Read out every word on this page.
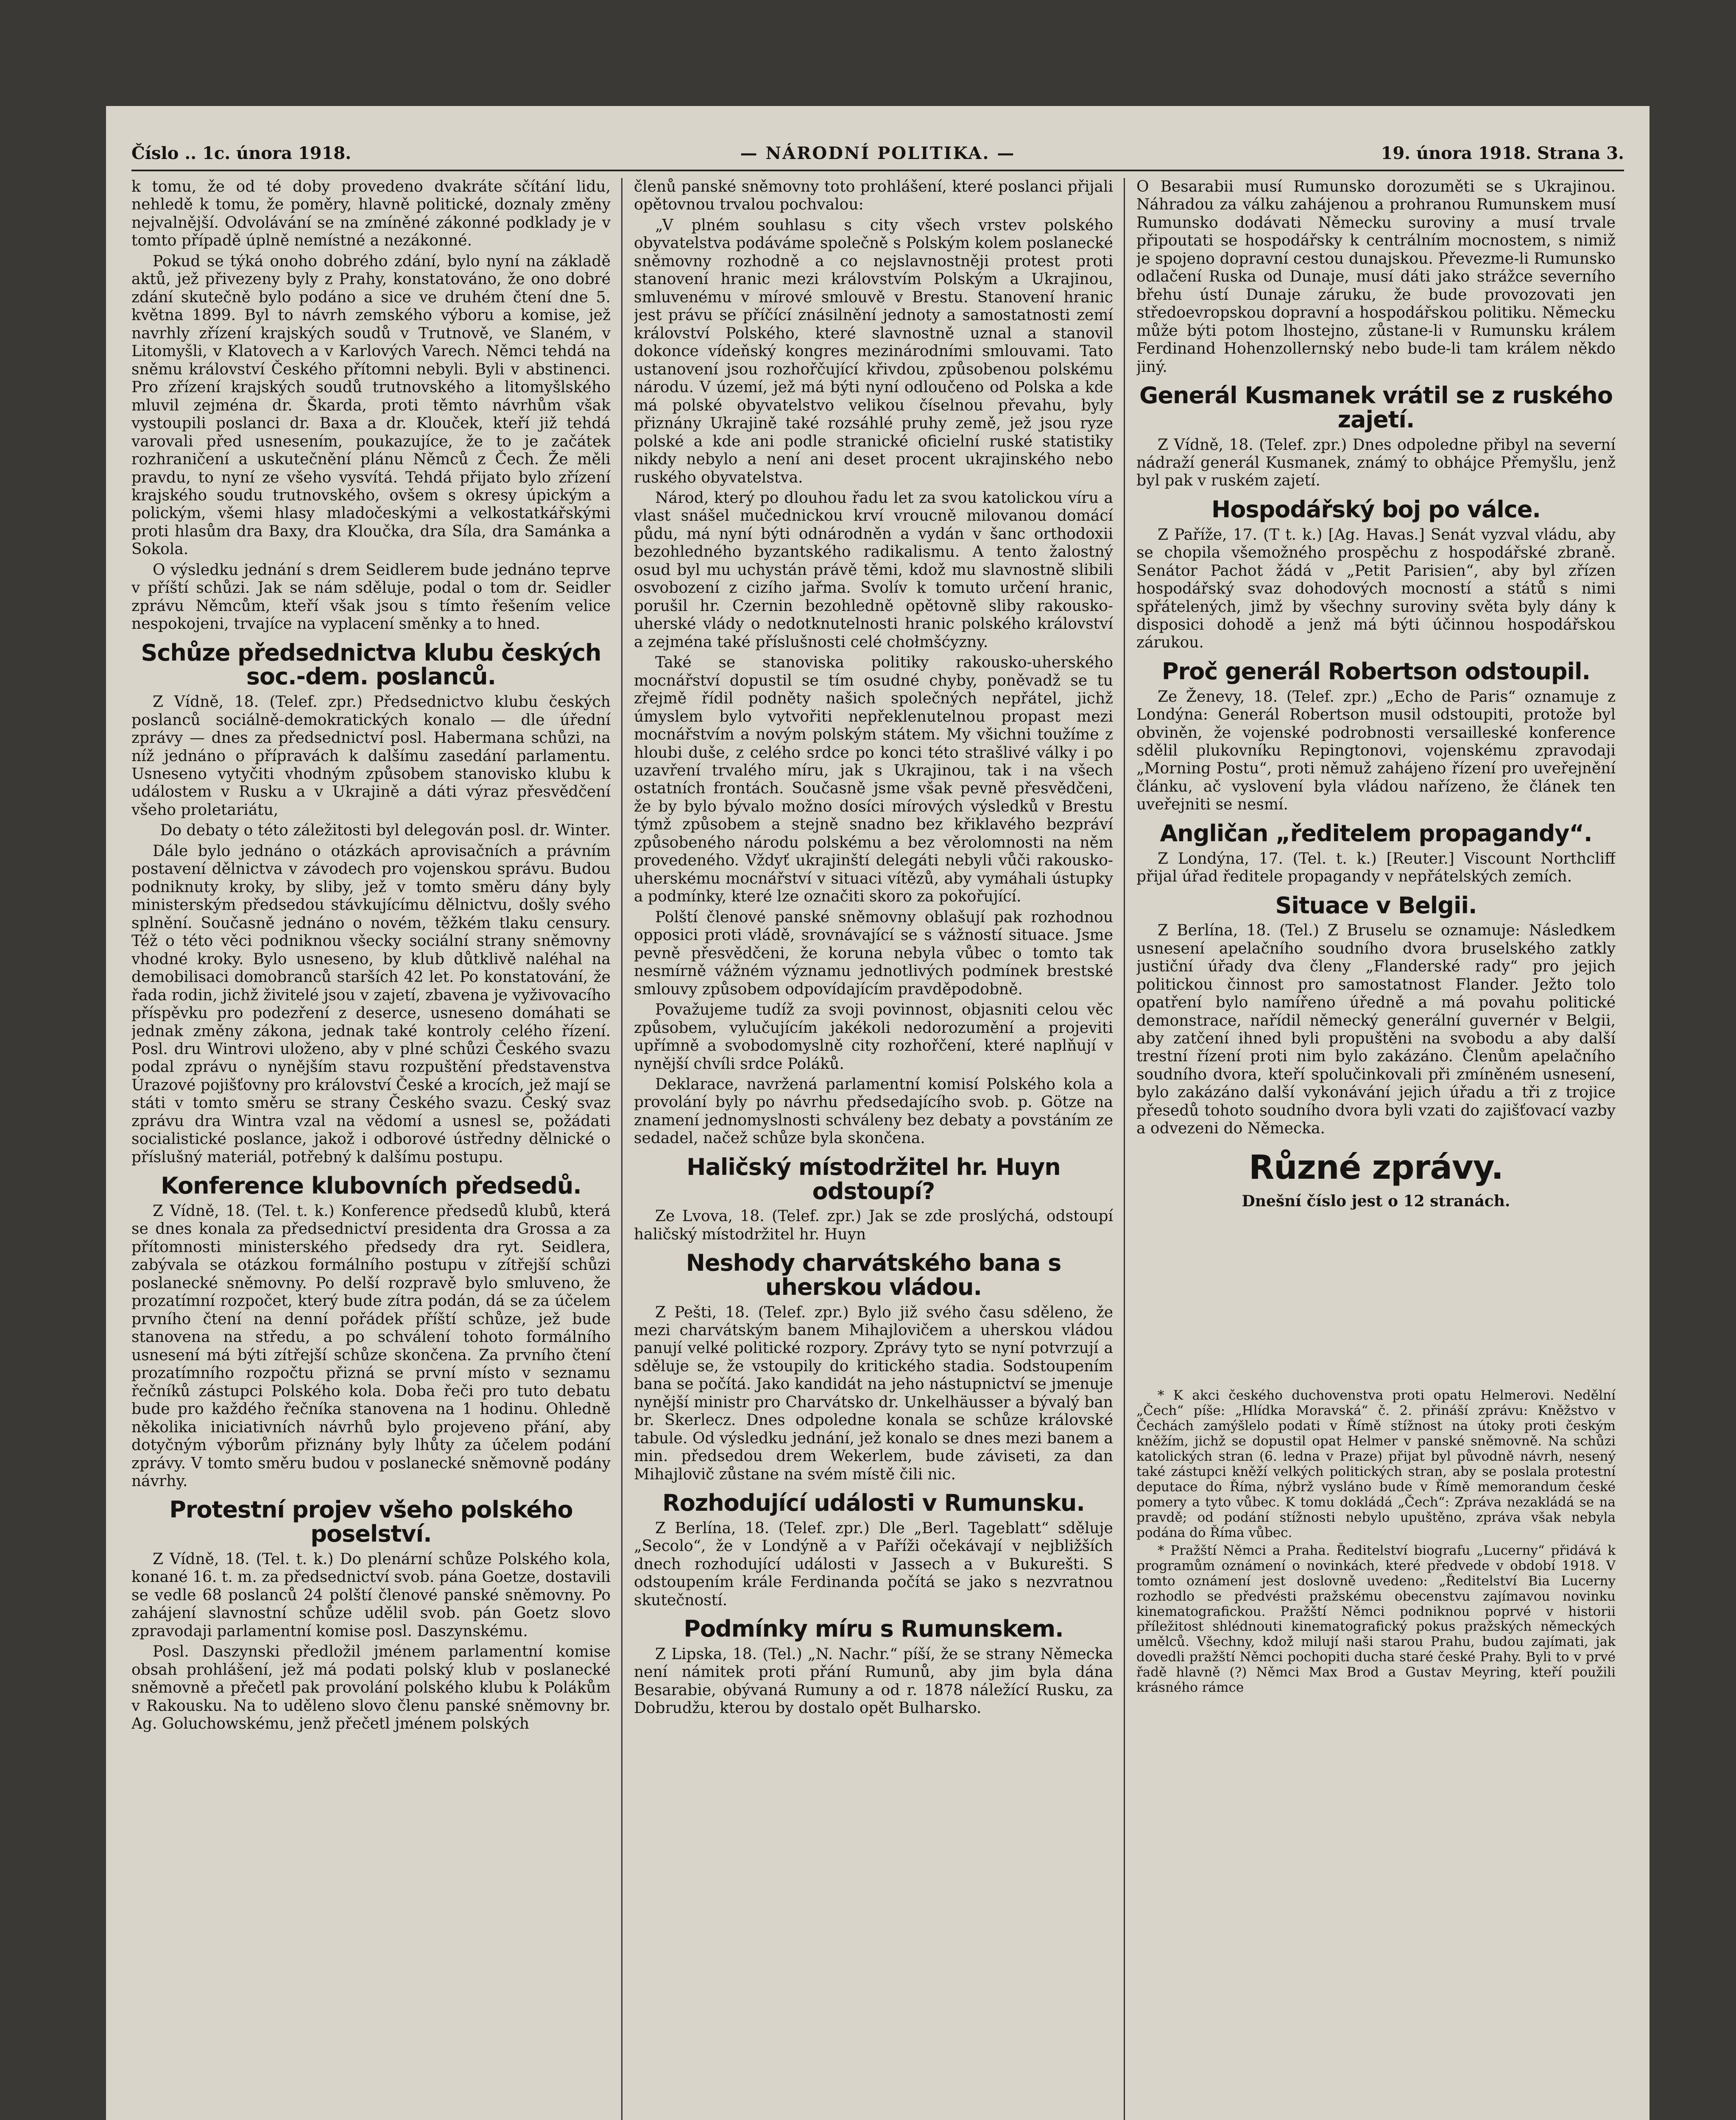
Číslo .. 1c. února 1918.	— NÁRODNÍ POLITIKA. —	19. února 1918. Strana 3.

k tomu, že od té doby provedeno dvakráte sčítání lidu, nehledě k tomu, že poměry, hlavně politické, doznaly změny nejvalnější. Odvolávání se na zmíněné zákonné podklady je v tomto případě úplně nemístné a nezákonné.

Pokud se týká onoho dobrého zdání, bylo nyní na základě aktů, jež přivezeny byly z Prahy, konstatováno, že ono dobré zdání skutečně bylo podáno a sice ve druhém čtení dne 5. května 1899. Byl to návrh zemského výboru a komise, jež navrhly zřízení krajských soudů v Trutnově, ve Slaném, v Litomyšli, v Klatovech a v Karlových Varech. Němci tehdá na sněmu království Českého přítomni nebyli. Byli v abstinenci. Pro zřízení krajských soudů trutnovského a litomyšlského mluvil zejména dr. Škarda, proti těmto návrhům však vystoupili poslanci dr. Baxa a dr. Klouček, kteří již tehdá varovali před usnesením, poukazujíce, že to je začátek rozhraničení a uskutečnění plánu Němců z Čech. Že měli pravdu, to nyní ze všeho vysvítá. Tehdá přijato bylo zřízení krajského soudu trutnovského, ovšem s okresy úpickým a polickým, všemi hlasy mladočeskými a velkostatkářskými proti hlasům dra Baxy, dra Kloučka, dra Síla, dra Samánka a Sokola.

O výsledku jednání s drem Seidlerem bude jednáno teprve v příští schůzi. Jak se nám sděluje, podal o tom dr. Seidler zprávu Němcům, kteří však jsou s tímto řešením velice nespokojeni, trvajíce na vyplacení směnky a to hned.

Schůze předsednictva klubu českých soc.-dem. poslanců.

Z Vídně, 18. (Telef. zpr.) Předsednictvo klubu českých poslanců sociálně-demokratických konalo — dle úřední zprávy — dnes za předsednictví posl. Habermana schůzi, na níž jednáno o přípravách k dalšímu zasedání parlamentu. Usneseno vytyčiti vhodným způsobem stanovisko klubu k událostem v Rusku a v Ukrajině a dáti výraz přesvědčení všeho proletariátu,

Do debaty o této záležitosti byl delegován posl. dr. Winter.

Dále bylo jednáno o otázkách aprovisačních a právním postavení dělnictva v závodech pro vojenskou správu. Budou podniknuty kroky, by sliby, jež v tomto směru dány byly ministerským předsedou stávkujícímu dělnictvu, došly svého splnění. Současně jednáno o novém, těžkém tlaku censury. Též o této věci podniknou všecky sociální strany sněmovny vhodné kroky. Bylo usneseno, by klub důtklivě naléhal na demobilisaci domobranců starších 42 let. Po konstatování, že řada rodin, jichž živitelé jsou v zajetí, zbavena je vyživovacího příspěvku pro podezření z deserce, usneseno domáhati se jednak změny zákona, jednak také kontroly celého řízení. Posl. dru Wintrovi uloženo, aby v plné schůzi Českého svazu podal zprávu o nynějším stavu rozpuštění představenstva Úrazové pojišťovny pro království České a krocích, jež mají se státi v tomto směru se strany Českého svazu. Český svaz zprávu dra Wintra vzal na vědomí a usnesl se, požádati socialistické poslance, jakož i odborové ústředny dělnické o příslušný materiál, potřebný k dalšímu postupu.

Konference klubovních předsedů.

Z Vídně, 18. (Tel. t. k.) Konference předsedů klubů, která se dnes konala za předsednictví presidenta dra Grossa a za přítomnosti ministerského předsedy dra ryt. Seidlera, zabývala se otázkou formálního postupu v zítřejší schůzi poslanecké sněmovny. Po delší rozpravě bylo smluveno, že prozatímní rozpočet, který bude zítra podán, dá se za účelem prvního čtení na denní pořádek příští schůze, jež bude stanovena na středu, a po schválení tohoto formálního usnesení má býti zítřejší schůze skončena. Za prvního čtení prozatímního rozpočtu přizná se první místo v seznamu řečníků zástupci Polského kola. Doba řeči pro tuto debatu bude pro každého řečníka stanovena na 1 hodinu. Ohledně několika iniciativních návrhů bylo projeveno přání, aby dotyčným výborům přiznány byly lhůty za účelem podání zprávy. V tomto směru budou v poslanecké sněmovně podány návrhy.

Protestní projev všeho polského poselství.

Z Vídně, 18. (Tel. t. k.) Do plenární schůze Polského kola, konané 16. t. m. za předsednictví svob. pána Goetze, dostavili se vedle 68 poslanců 24 polští členové panské sněmovny. Po zahájení slavnostní schůze udělil svob. pán Goetz slovo zpravodaji parlamentní komise posl. Daszynskému.

Posl. Daszynski předložil jménem parlamentní komise obsah prohlášení, jež má podati polský klub v poslanecké sněmovně a přečetl pak provolání polského klubu k Polákům v Rakousku. Na to uděleno slovo členu panské sněmovny br. Ag. Goluchowskému, jenž přečetl jménem polských

členů panské sněmovny toto prohlášení, které poslanci přijali opětovnou trvalou pochvalou:

„V plném souhlasu s city všech vrstev polského obyvatelstva podáváme společně s Polským kolem poslanecké sněmovny rozhodně a co nejslavnostněji protest proti stanovení hranic mezi královstvím Polským a Ukrajinou, smluvenému v mírové smlouvě v Brestu. Stanovení hranic jest právu se příčící znásilnění jednoty a samostatnosti zemí království Polského, které slavnostně uznal a stanovil dokonce vídeňský kongres mezinárodními smlouvami. Tato ustanovení jsou rozhořčující křivdou, způsobenou polskému národu. V území, jež má býti nyní odloučeno od Polska a kde má polské obyvatelstvo velikou číselnou převahu, byly přiznány Ukrajině také rozsáhlé pruhy země, jež jsou ryze polské a kde ani podle stranické oficielní ruské statistiky nikdy nebylo a není ani deset procent ukrajinského nebo ruského obyvatelstva.

Národ, který po dlouhou řadu let za svou katolickou víru a vlast snášel mučednickou krví vroucně milovanou domácí půdu, má nyní býti odnárodněn a vydán v šanc orthodoxii bezohledného byzantského radikalismu. A tento žalostný osud byl mu uchystán právě těmi, kdož mu slavnostně slibili osvobození z cizího jařma. Svolív k tomuto určení hranic, porušil hr. Czernin bezohledně opětovně sliby rakousko-uherské vlády o nedotknutelnosti hranic polského království a zejména také příslušnosti celé chołmšćyzny.

Také se stanoviska politiky rakousko-uherského mocnářství dopustil se tím osudné chyby, poněvadž se tu zřejmě řídil podněty našich společných nepřátel, jichž úmyslem bylo vytvořiti nepřeklenutelnou propast mezi mocnářstvím a novým polským státem. My všichni toužíme z hloubi duše, z celého srdce po konci této strašlivé války i po uzavření trvalého míru, jak s Ukrajinou, tak i na všech ostatních frontách. Současně jsme však pevně přesvědčeni, že by bylo bývalo možno dosíci mírových výsledků v Brestu týmž způsobem a stejně snadno bez křiklavého bezpráví způsobeného národu polskému a bez věrolomnosti na něm provedeného. Vždyť ukrajinští delegáti nebyli vůči rakousko-uherskému mocnářství v situaci vítězů, aby vymáhali ústupky a podmínky, které lze označiti skoro za pokořující.

Polští členové panské sněmovny oblašují pak rozhodnou opposici proti vládě, srovnávající se s vážností situace. Jsme pevně přesvědčeni, že koruna nebyla vůbec o tomto tak nesmírně vážném významu jednotlivých podmínek brestské smlouvy způsobem odpovídajícím pravděpodobně.

Považujeme tudíž za svoji povinnost, objasniti celou věc způsobem, vylučujícím jakékoli nedorozumění a projeviti upřímně a svobodomyslně city rozhořčení, které naplňují v nynější chvíli srdce Poláků.

Deklarace, navržená parlamentní komisí Polského kola a provolání byly po návrhu předsedajícího svob. p. Götze na znamení jednomyslnosti schváleny bez debaty a povstáním ze sedadel, načež schůze byla skončena.

Haličský místodržitel hr. Huyn odstoupí?

Ze Lvova, 18. (Telef. zpr.) Jak se zde proslýchá, odstoupí haličský místodržitel hr. Huyn

Neshody charvátského bana s uherskou vládou.

Z Pešti, 18. (Telef. zpr.) Bylo již svého času sděleno, že mezi charvátským banem Mihajlovičem a uherskou vládou panují velké politické rozpory. Zprávy tyto se nyní potvrzují a sděluje se, že vstoupily do kritického stadia. Sodstoupením bana se počítá. Jako kandidát na jeho nástupnictví se jmenuje nynější ministr pro Charvátsko dr. Unkelhäusser a bývalý ban br. Skerlecz. Dnes odpoledne konala se schůze královské tabule. Od výsledku jednání, jež konalo se dnes mezi banem a min. předsedou drem Wekerlem, bude záviseti, za dan Mihajlovič zůstane na svém místě čili nic.

Rozhodující události v Rumunsku.

Z Berlína, 18. (Telef. zpr.) Dle „Berl. Tageblatt“ sděluje „Secolo“, že v Londýně a v Paříži očekávají v nejbližších dnech rozhodující události v Jassech a v Bukurešti. S odstoupením krále Ferdinanda počítá se jako s nezvratnou skutečností.

Podmínky míru s Rumunskem.

Z Lipska, 18. (Tel.) „N. Nachr.“ píší, že se strany Německa není námitek proti přání Rumunů, aby jim byla dána Besarabie, obývaná Rumuny a od r. 1878 náležící Rusku, za Dobrudžu, kterou by dostalo opět Bulharsko.

O Besarabii musí Rumunsko dorozuměti se s Ukrajinou. Náhradou za válku zahájenou a prohranou Rumunskem musí Rumunsko dodávati Německu suroviny a musí trvale připoutati se hospodářsky k centrálním mocnostem, s nimiž je spojeno dopravní cestou dunajskou. Převezme-li Rumunsko odlačení Ruska od Dunaje, musí dáti jako strážce severního břehu ústí Dunaje záruku, že bude provozovati jen středoevropskou dopravní a hospodářskou politiku. Německu může býti potom lhostejno, zůstane-li v Rumunsku králem Ferdinand Hohenzollernský nebo bude-li tam králem někdo jiný.

Generál Kusmanek vrátil se z ruského zajetí.

Z Vídně, 18. (Telef. zpr.) Dnes odpoledne přibyl na severní nádraží generál Kusmanek, známý to obhájce Přemyšlu, jenž byl pak v ruském zajetí.

Hospodářský boj po válce.

Z Paříže, 17. (T t. k.) [Ag. Havas.] Senát vyzval vládu, aby se chopila všemožného prospěchu z hospodářské zbraně. Senátor Pachot žádá v „Petit Parisien“, aby byl zřízen hospodářský svaz dohodových mocností a států s nimi spřátelených, jimž by všechny suroviny světa byly dány k disposici dohodě a jenž má býti účinnou hospodářskou zárukou.

Proč generál Robertson odstoupil.

Ze Ženevy, 18. (Telef. zpr.) „Echo de Paris“ oznamuje z Londýna: Generál Robertson musil odstoupiti, protože byl obviněn, že vojenské podrobnosti versailleské konference sdělil plukovníku Repingtonovi, vojenskému zpravodaji „Morning Postu“, proti němuž zahájeno řízení pro uveřejnění článku, ač vyslovení byla vládou nařízeno, že článek ten uveřejniti se nesmí.

Angličan „ředitelem propagandy“.

Z Londýna, 17. (Tel. t. k.) [Reuter.] Viscount Northcliff přijal úřad ředitele propagandy v nepřátelských zemích.

Situace v Belgii.

Z Berlína, 18. (Tel.) Z Bruselu se oznamuje: Následkem usnesení apelačního soudního dvora bruselského zatkly justiční úřady dva členy „Flanderské rady“ pro jejich politickou činnost pro samostatnost Flander. Ježto tolo opatření bylo namířeno úředně a má povahu politické demonstrace, nařídil německý generální guvernér v Belgii, aby zatčení ihned byli propuštěni na svobodu a aby další trestní řízení proti nim bylo zakázáno. Členům apelačního soudního dvora, kteří spolučinkovali při zmíněném usnesení, bylo zakázáno další vykonávání jejich úřadu a tři z trojice přesedů tohoto soudního dvora byli vzati do zajišťovací vazby a odvezeni do Německa.

Různé zprávy.

Dnešní číslo jest o 12 stranách.

* K akci českého duchovenstva proti opatu Helmerovi. Nedělní „Čech“ píše: „Hlídka Moravská“ č. 2. přináší zprávu: Kněžstvo v Čechách zamýšlelo podati v Římě stížnost na útoky proti českým kněžím, jichž se dopustil opat Helmer v panské sněmovně. Na schůzi katolických stran (6. ledna v Praze) přijat byl původně návrh, nesený také zástupci kněží velkých politických stran, aby se poslala protestní deputace do Říma, nýbrž vysláno bude v Římě memorandum české pomery a tyto vůbec. K tomu dokládá „Čech“: Zpráva nezakládá se na pravdě; od podání stížnosti nebylo upuštěno, zpráva však nebyla podána do Říma vůbec.

* Pražští Němci a Praha. Ředitelství biografu „Lucerny“ přidává k programům oznámení o novinkách, které předvede v období 1918. V tomto oznámení jest doslovně uvedeno: „Ředitelství Bia Lucerny rozhodlo se předvésti pražskému obecenstvu zajímavou novinku kinematografickou. Pražští Němci podniknou poprvé v historii příležitost shlédnouti kinematografický pokus pražských německých umělců. Všechny, kdož milují naši starou Prahu, budou zajímati, jak dovedli pražští Němci pochopiti ducha staré české Prahy. Byli to v prvé řadě hlavně (?) Němci Max Brod a Gustav Meyring, kteří použili krásného rámce
